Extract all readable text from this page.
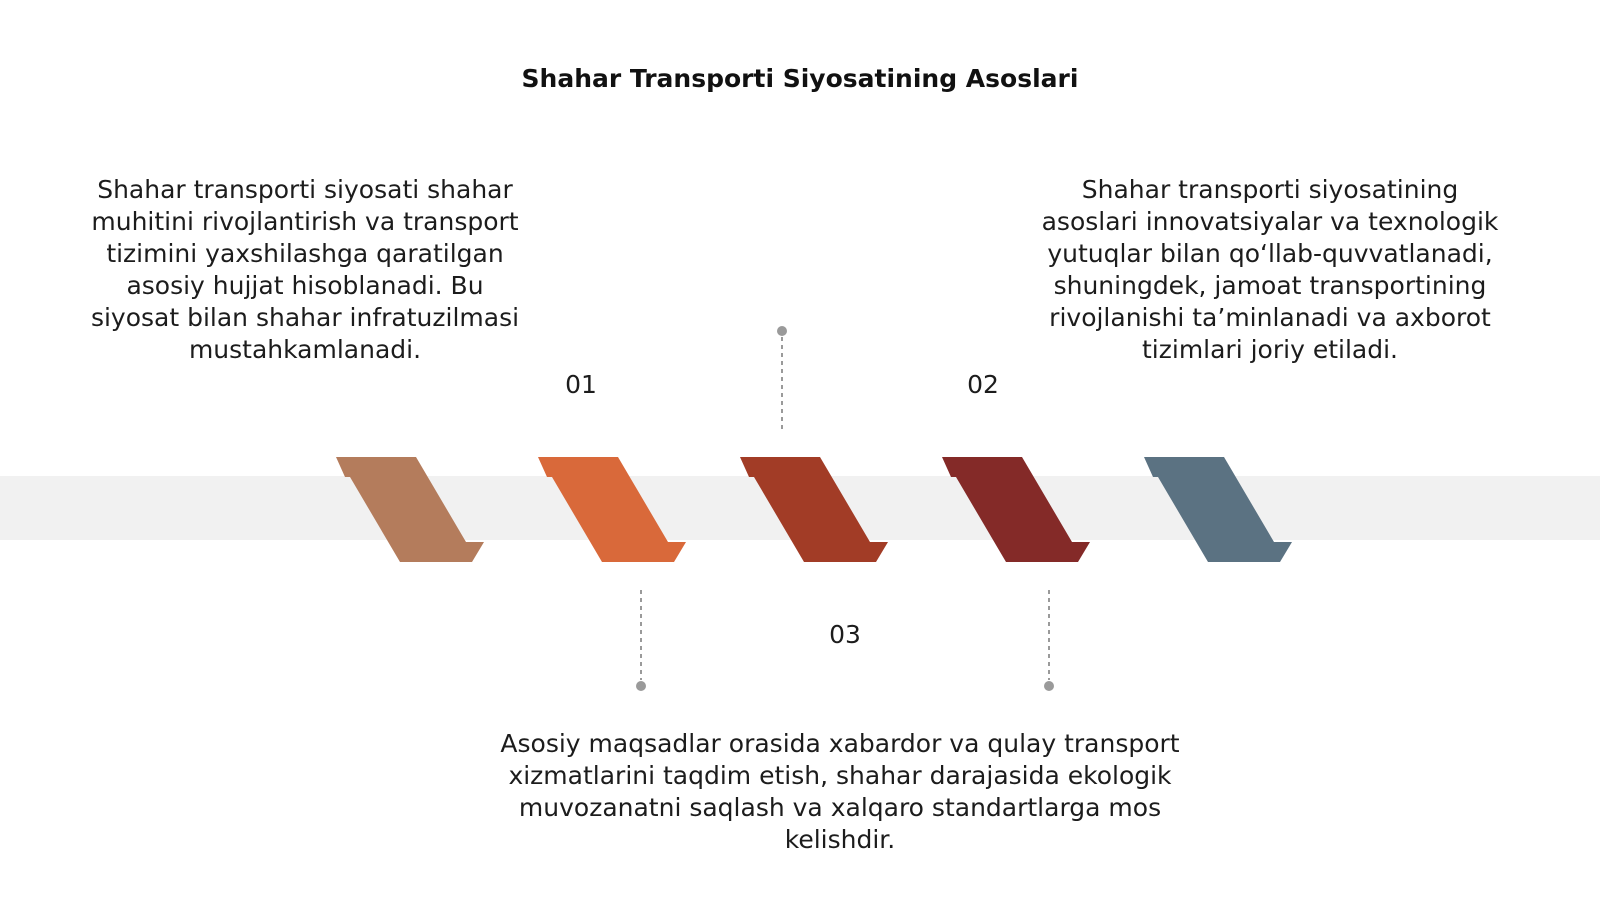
Shahar Transporti Siyosatining Asoslari
Shahar transporti siyosati shahar
muhitini rivojlantirish va transport
tizimini yaxshilashga qaratilgan
asosiy hujjat hisoblanadi. Bu
siyosat bilan shahar infratuzilmasi
mustahkamlanadi.
Shahar transporti siyosatining
asoslari innovatsiyalar va texnologik
yutuqlar bilan qo‘llab-quvvatlanadi,
shuningdek, jamoat transportining
rivojlanishi ta’minlanadi va axborot
tizimlari joriy etiladi.
Asosiy maqsadlar orasida xabardor va qulay transport
xizmatlarini taqdim etish, shahar darajasida ekologik
muvozanatni saqlash va xalqaro standartlarga mos
kelishdir.
01	02
03
